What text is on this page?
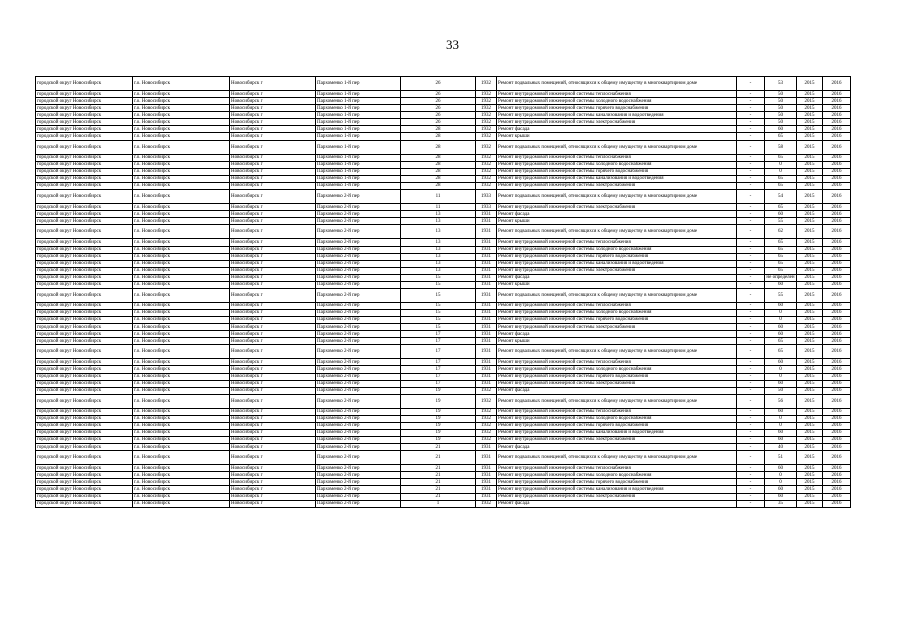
33
городской округ Новосибирск	г.о. Новосибирск	Новосибирск г	Пархоменко 1-й пер	26	1932	Ремонт подвальных помещений, относящихся к общему имуществу в многоквартирном доме	-	53	2015	2016
городской округ Новосибирск	г.о. Новосибирск	Новосибирск г	Пархоменко 1-й пер	26	1932	Ремонт внутридомовой инженерной системы теплоснабжения	-	50	2015	2016
городской округ Новосибирск	г.о. Новосибирск	Новосибирск г	Пархоменко 1-й пер	26	1932	Ремонт внутридомовой инженерной системы холодного водоснабжения	-	50	2015	2016
городской округ Новосибирск	г.о. Новосибирск	Новосибирск г	Пархоменко 1-й пер	26	1932	Ремонт внутридомовой инженерной системы горячего водоснабжения	-	50	2015	2016
городской округ Новосибирск	г.о. Новосибирск	Новосибирск г	Пархоменко 1-й пер	26	1932	Ремонт внутридомовой инженерной системы канализования и водоотведения	-	50	2015	2016
городской округ Новосибирск	г.о. Новосибирск	Новосибирск г	Пархоменко 1-й пер	26	1932	Ремонт внутридомовой инженерной системы электроснабжения	-	50	2015	2016
городской округ Новосибирск	г.о. Новосибирск	Новосибирск г	Пархоменко 1-й пер	28	1932	Ремонт фасада	-	60	2015	2016
городской округ Новосибирск	г.о. Новосибирск	Новосибирск г	Пархоменко 1-й пер	28	1932	Ремонт крыши	-	65	2015	2016
городской округ Новосибирск	г.о. Новосибирск	Новосибирск г	Пархоменко 1-й пер	28	1932	Ремонт подвальных помещений, относящихся к общему имуществу в многоквартирном доме	-	58	2015	2016
городской округ Новосибирск	г.о. Новосибирск	Новосибирск г	Пархоменко 1-й пер	28	1932	Ремонт внутридомовой инженерной системы теплоснабжения	-	65	2015	2016
городской округ Новосибирск	г.о. Новосибирск	Новосибирск г	Пархоменко 1-й пер	28	1932	Ремонт внутридомовой инженерной системы холодного водоснабжения	-	0	2015	2016
городской округ Новосибирск	г.о. Новосибирск	Новосибирск г	Пархоменко 1-й пер	28	1932	Ремонт внутридомовой инженерной системы горячего водоснабжения	-	0	2015	2016
городской округ Новосибирск	г.о. Новосибирск	Новосибирск г	Пархоменко 1-й пер	28	1932	Ремонт внутридомовой инженерной системы канализования и водоотведения	-	65	2015	2016
городской округ Новосибирск	г.о. Новосибирск	Новосибирск г	Пархоменко 1-й пер	28	1932	Ремонт внутридомовой инженерной системы электроснабжения	-	65	2015	2016
городской округ Новосибирск	г.о. Новосибирск	Новосибирск г	Пархоменко 2-й пер	11	1933	Ремонт подвальных помещений, относящихся к общему имуществу в многоквартирном доме	-	54	2015	2016
городской округ Новосибирск	г.о. Новосибирск	Новосибирск г	Пархоменко 2-й пер	11	1933	Ремонт внутридомовой инженерной системы электроснабжения	-	65	2015	2016
городской округ Новосибирск	г.о. Новосибирск	Новосибирск г	Пархоменко 2-й пер	13	1931	Ремонт фасада	-	60	2015	2016
городской округ Новосибирск	г.о. Новосибирск	Новосибирск г	Пархоменко 2-й пер	13	1931	Ремонт крыши	-	55	2015	2016
городской округ Новосибирск	г.о. Новосибирск	Новосибирск г	Пархоменко 2-й пер	13	1931	Ремонт подвальных помещений, относящихся к общему имуществу в многоквартирном доме	-	62	2015	2016
городской округ Новосибирск	г.о. Новосибирск	Новосибирск г	Пархоменко 2-й пер	13	1931	Ремонт внутридомовой инженерной системы теплоснабжения	-	65	2015	2016
городской округ Новосибирск	г.о. Новосибирск	Новосибирск г	Пархоменко 2-й пер	13	1931	Ремонт внутридомовой инженерной системы холодного водоснабжения	-	65	2015	2016
городской округ Новосибирск	г.о. Новосибирск	Новосибирск г	Пархоменко 2-й пер	13	1931	Ремонт внутридомовой инженерной системы горячего водоснабжения	-	65	2015	2016
городской округ Новосибирск	г.о. Новосибирск	Новосибирск г	Пархоменко 2-й пер	13	1931	Ремонт внутридомовой инженерной системы канализования и водоотведения	-	65	2015	2016
городской округ Новосибирск	г.о. Новосибирск	Новосибирск г	Пархоменко 2-й пер	13	1931	Ремонт внутридомовой инженерной системы электроснабжения	-	65	2015	2016
городской округ Новосибирск	г.о. Новосибирск	Новосибирск г	Пархоменко 2-й пер	15	1931	Ремонт фасада	-	не определен	2015	2016
городской округ Новосибирск	г.о. Новосибирск	Новосибирск г	Пархоменко 2-й пер	15	1931	Ремонт крыши	-	60	2015	2016
городской округ Новосибирск	г.о. Новосибирск	Новосибирск г	Пархоменко 2-й пер	15	1931	Ремонт подвальных помещений, относящихся к общему имуществу в многоквартирном доме	-	55	2015	2016
городской округ Новосибирск	г.о. Новосибирск	Новосибирск г	Пархоменко 2-й пер	15	1931	Ремонт внутридомовой инженерной системы теплоснабжения	-	60	2015	2016
городской округ Новосибирск	г.о. Новосибирск	Новосибирск г	Пархоменко 2-й пер	15	1931	Ремонт внутридомовой инженерной системы холодного водоснабжения	-	0	2015	2016
городской округ Новосибирск	г.о. Новосибирск	Новосибирск г	Пархоменко 2-й пер	15	1931	Ремонт внутридомовой инженерной системы горячего водоснабжения	-	0	2015	2016
городской округ Новосибирск	г.о. Новосибирск	Новосибирск г	Пархоменко 2-й пер	15	1931	Ремонт внутридомовой инженерной системы электроснабжения	-	60	2015	2016
городской округ Новосибирск	г.о. Новосибирск	Новосибирск г	Пархоменко 2-й пер	17	1931	Ремонт фасада	-	60	2015	2016
городской округ Новосибирск	г.о. Новосибирск	Новосибирск г	Пархоменко 2-й пер	17	1931	Ремонт крыши	-	65	2015	2016
городской округ Новосибирск	г.о. Новосибирск	Новосибирск г	Пархоменко 2-й пер	17	1931	Ремонт подвальных помещений, относящихся к общему имуществу в многоквартирном доме	-	65	2015	2016
городской округ Новосибирск	г.о. Новосибирск	Новосибирск г	Пархоменко 2-й пер	17	1931	Ремонт внутридомовой инженерной системы теплоснабжения	-	60	2015	2016
городской округ Новосибирск	г.о. Новосибирск	Новосибирск г	Пархоменко 2-й пер	17	1931	Ремонт внутридомовой инженерной системы холодного водоснабжения	-	0	2015	2016
городской округ Новосибирск	г.о. Новосибирск	Новосибирск г	Пархоменко 2-й пер	17	1931	Ремонт внутридомовой инженерной системы горячего водоснабжения	-	0	2015	2016
городской округ Новосибирск	г.о. Новосибирск	Новосибирск г	Пархоменко 2-й пер	17	1931	Ремонт внутридомовой инженерной системы электроснабжения	-	60	2015	2016
городской округ Новосибирск	г.о. Новосибирск	Новосибирск г	Пархоменко 2-й пер	19	1932	Ремонт фасада	-	50	2015	2016
городской округ Новосибирск	г.о. Новосибирск	Новосибирск г	Пархоменко 2-й пер	19	1932	Ремонт подвальных помещений, относящихся к общему имуществу в многоквартирном доме	-	56	2015	2016
городской округ Новосибирск	г.о. Новосибирск	Новосибирск г	Пархоменко 2-й пер	19	1932	Ремонт внутридомовой инженерной системы теплоснабжения	-	60	2015	2016
городской округ Новосибирск	г.о. Новосибирск	Новосибирск г	Пархоменко 2-й пер	19	1932	Ремонт внутридомовой инженерной системы холодного водоснабжения	-	0	2015	2016
городской округ Новосибирск	г.о. Новосибирск	Новосибирск г	Пархоменко 2-й пер	19	1932	Ремонт внутридомовой инженерной системы горячего водоснабжения	-	0	2015	2016
городской округ Новосибирск	г.о. Новосибирск	Новосибирск г	Пархоменко 2-й пер	19	1932	Ремонт внутридомовой инженерной системы канализования и водоотведения	-	60	2015	2016
городской округ Новосибирск	г.о. Новосибирск	Новосибирск г	Пархоменко 2-й пер	19	1932	Ремонт внутридомовой инженерной системы электроснабжения	-	60	2015	2016
городской округ Новосибирск	г.о. Новосибирск	Новосибирск г	Пархоменко 2-й пер	21	1931	Ремонт фасада	-	40	2015	2016
городской округ Новосибирск	г.о. Новосибирск	Новосибирск г	Пархоменко 2-й пер	21	1931	Ремонт подвальных помещений, относящихся к общему имуществу в многоквартирном доме	-	51	2015	2016
городской округ Новосибирск	г.о. Новосибирск	Новосибирск г	Пархоменко 2-й пер	21	1931	Ремонт внутридомовой инженерной системы теплоснабжения	-	60	2015	2016
городской округ Новосибирск	г.о. Новосибирск	Новосибирск г	Пархоменко 2-й пер	21	1931	Ремонт внутридомовой инженерной системы холодного водоснабжения	-	0	2015	2016
городской округ Новосибирск	г.о. Новосибирск	Новосибирск г	Пархоменко 2-й пер	21	1931	Ремонт внутридомовой инженерной системы горячего водоснабжения	-	0	2015	2016
городской округ Новосибирск	г.о. Новосибирск	Новосибирск г	Пархоменко 2-й пер	21	1931	Ремонт внутридомовой инженерной системы канализования и водоотведения	-	60	2015	2016
городской округ Новосибирск	г.о. Новосибирск	Новосибирск г	Пархоменко 2-й пер	21	1931	Ремонт внутридомовой инженерной системы электроснабжения	-	60	2015	2016
городской округ Новосибирск	г.о. Новосибирск	Новосибирск г	Пархоменко 2-й пер	1	1932	Ремонт фасада	-	35	2015	2016
